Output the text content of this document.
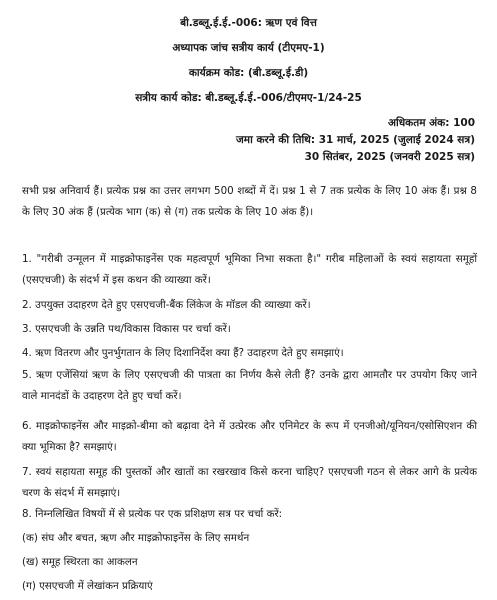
बी.डब्लू.ई.ई.-006: ऋण एवं वित्त
अध्यापक जांच सत्रीय कार्य (टीएमए-1)
कार्यक्रम कोड: (बी.डब्लू.ई.डी)
सत्रीय कार्य कोड: बी.डब्लू.ई.ई.-006/टीएमए-1/24-25
अधिकतम अंक: 100
जमा करने की तिथि: 31 मार्च, 2025 (जुलाई 2024 सत्र)
30 सितंबर, 2025 (जनवरी 2025 सत्र)
सभी प्रश्न अनिवार्य हैं। प्रत्येक प्रश्न का उत्तर लगभग 500 शब्दों में दें। प्रश्न 1 से 7 तक प्रत्येक के लिए 10 अंक हैं। प्रश्न 8 के लिए 30 अंक हैं (प्रत्येक भाग (क) से (ग) तक प्रत्येक के लिए 10 अंक हैं)।
1. "गरीबी उन्मूलन में माइक्रोफाइनेंस एक महत्वपूर्ण भूमिका निभा सकता है।" गरीब महिलाओं के स्वयं सहायता समूहों (एसएचजी) के संदर्भ में इस कथन की व्याख्या करें।
2. उपयुक्त उदाहरण देते हुए एसएचजी-बैंक लिंकेज के मॉडल की व्याख्या करें।
3. एसएचजी के उन्नति पथ/विकास विकास पर चर्चा करें।
4. ऋण वितरण और पुनर्भुगतान के लिए दिशानिर्देश क्या हैं? उदाहरण देते हुए समझाएं।
5. ऋण एजेंसियां ऋण के लिए एसएचजी की पात्रता का निर्णय कैसे लेती हैं? उनके द्वारा आमतौर पर उपयोग किए जाने वाले मानदंडों के उदाहरण देते हुए चर्चा करें।
6. माइक्रोफाइनेंस और माइक्रो-बीमा को बढ़ावा देने में उत्प्रेरक और एनिमेटर के रूप में एनजीओ/यूनियन/एसोसिएशन की क्या भूमिका है? समझाएं।
7. स्वयं सहायता समूह की पुस्तकों और खातों का रखरखाव किसे करना चाहिए? एसएचजी गठन से लेकर आगे के प्रत्येक चरण के संदर्भ में समझाएं।
8. निम्नलिखित विषयों में से प्रत्येक पर एक प्रशिक्षण सत्र पर चर्चा करें:
(क) संघ और बचत, ऋण और माइक्रोफाइनेंस के लिए समर्थन
(ख) समूह स्थिरता का आकलन
(ग) एसएचजी में लेखांकन प्रक्रियाएं
